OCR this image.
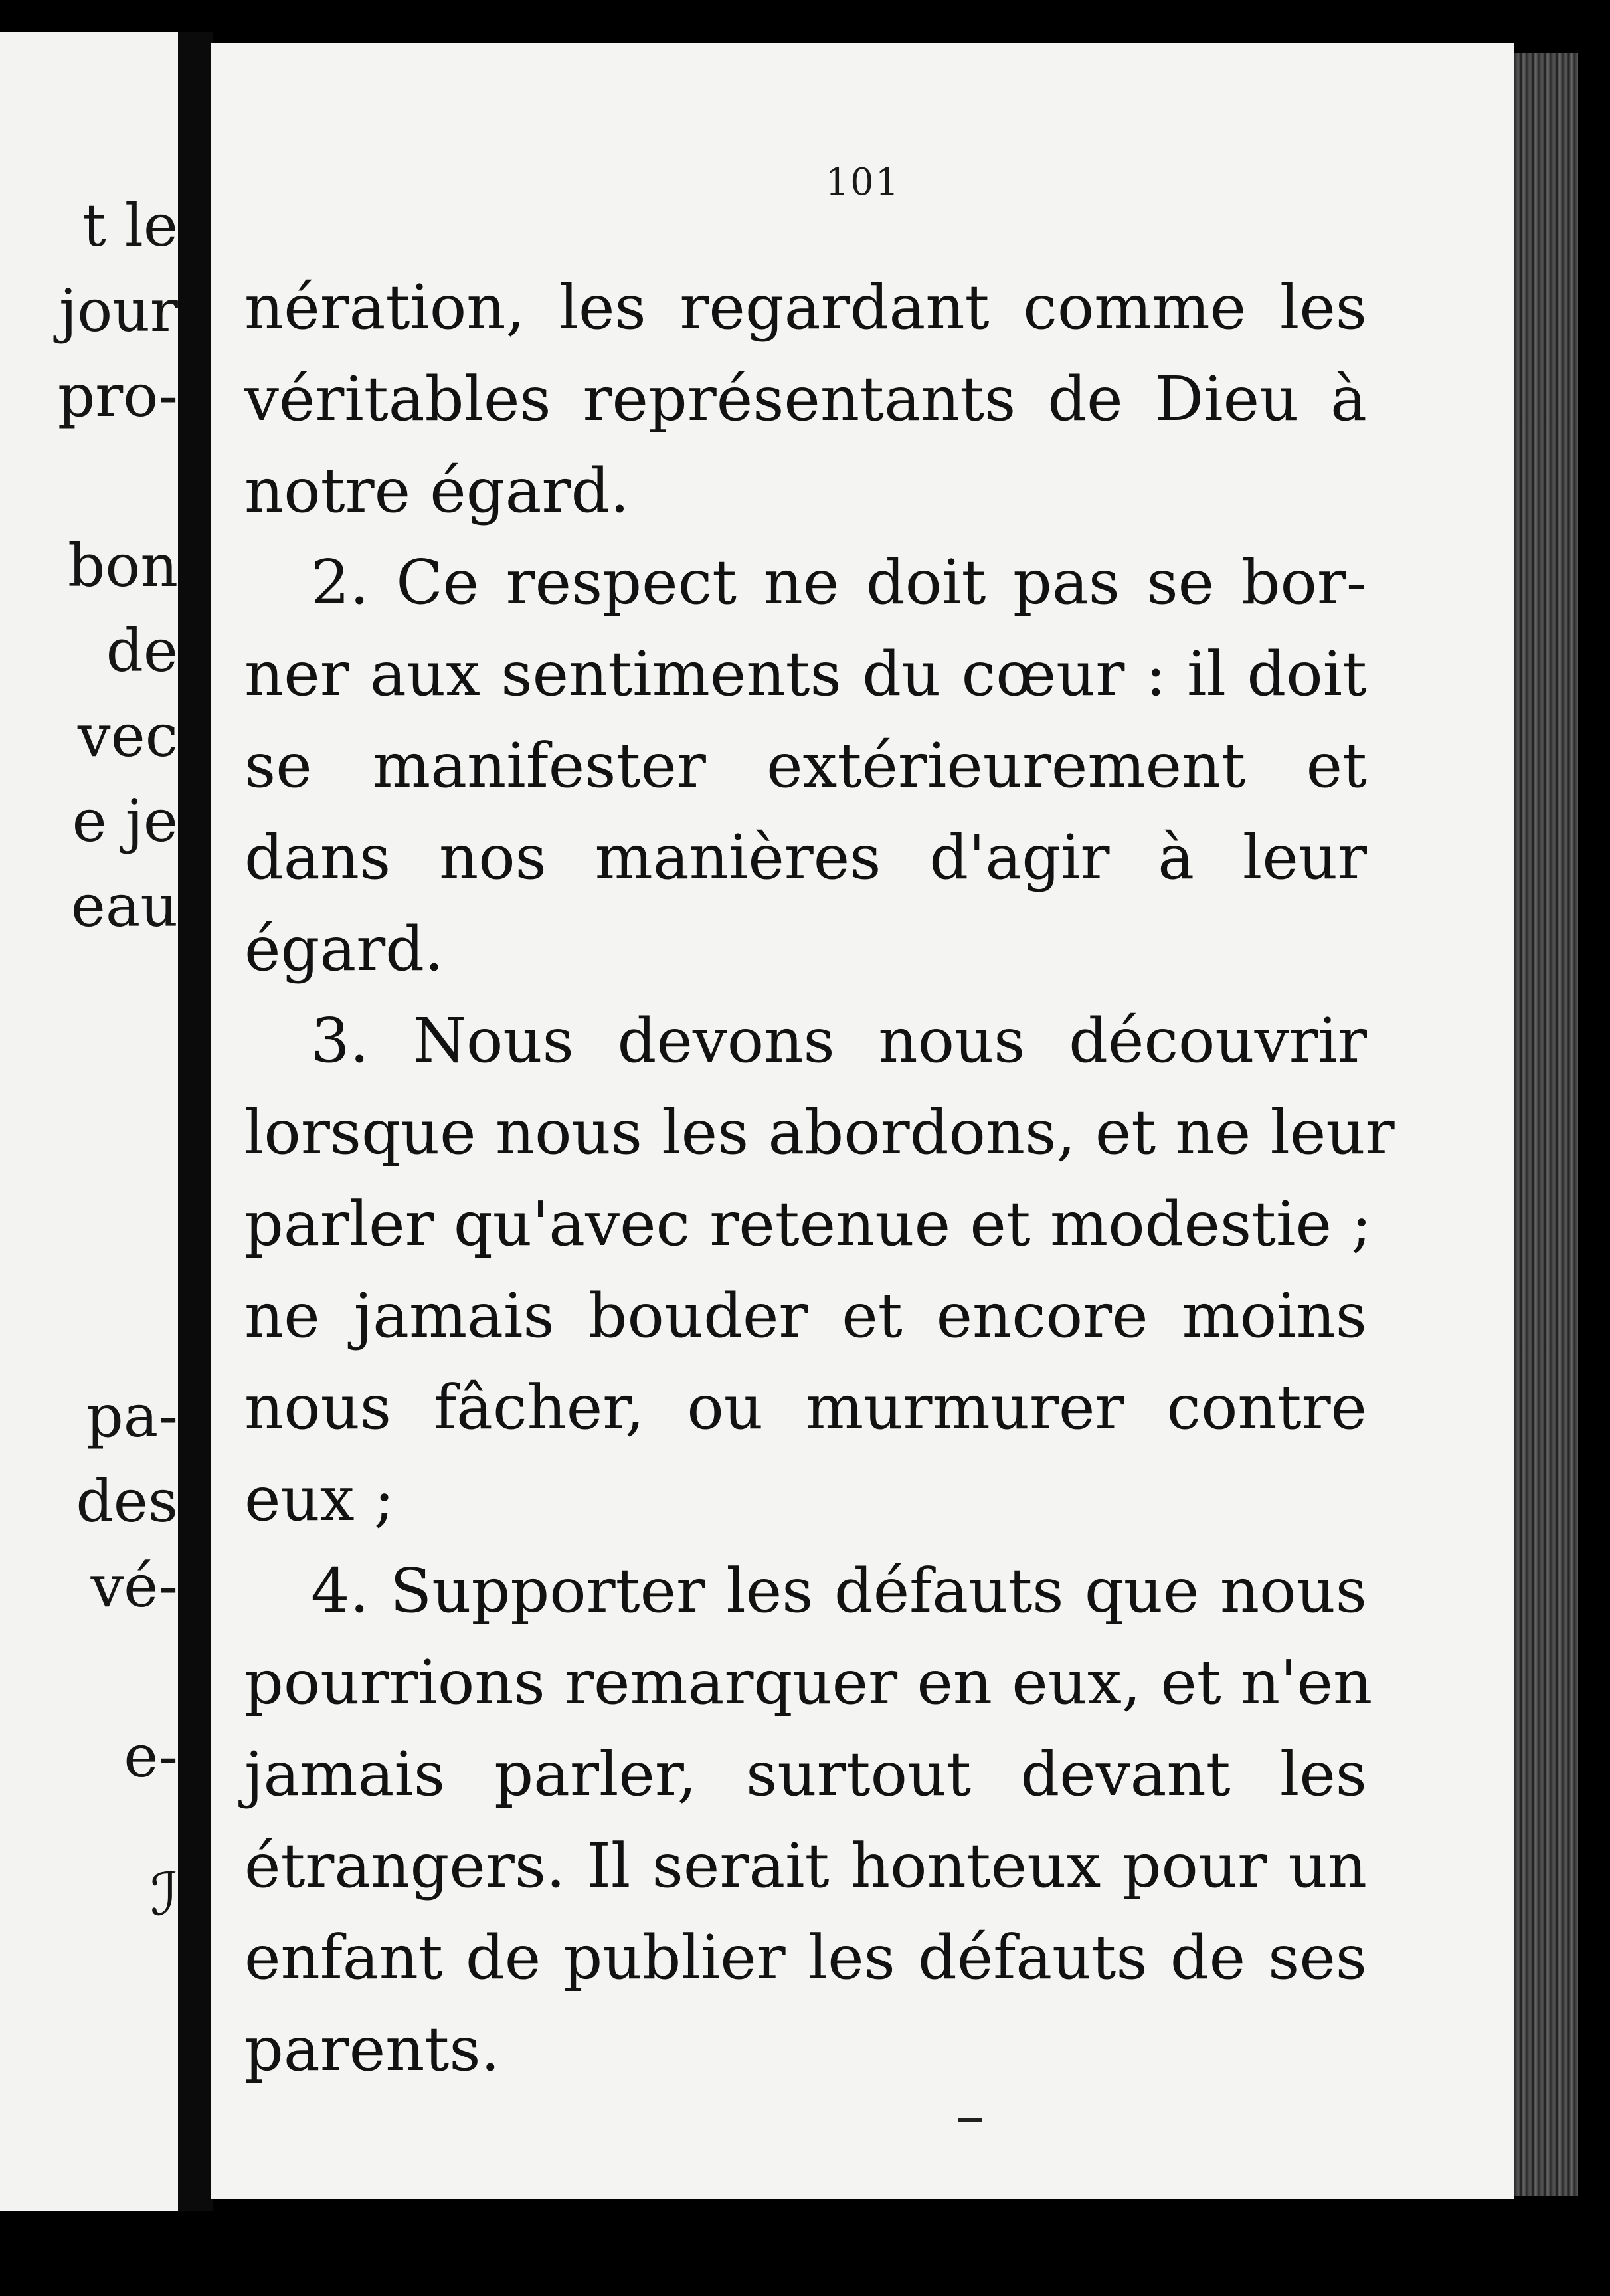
t le
jour
pro-
bon
de
vec
e je
eau
pa-
des
vé-
e-
ℐ
101
nération, les regardant comme les
véritables représentants de Dieu à
notre égard.
2. Ce respect ne doit pas se bor-
ner aux sentiments du cœur : il doit
se manifester extérieurement et
dans nos manières d'agir à leur
égard.
3. Nous devons nous découvrir
lorsque nous les abordons, et ne leur
parler qu'avec retenue et modestie ;
ne jamais bouder et encore moins
nous fâcher, ou murmurer contre
eux ;
4. Supporter les défauts que nous
pourrions remarquer en eux, et n'en
jamais parler, surtout devant les
étrangers. Il serait honteux pour un
enfant de publier les défauts de ses
parents.
